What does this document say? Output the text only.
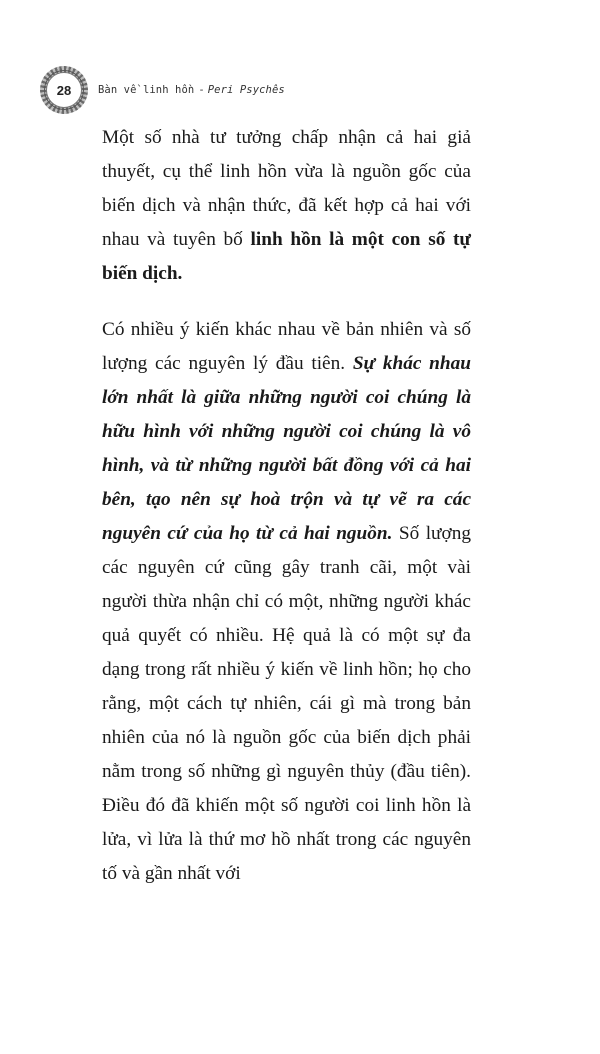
28	Bàn về linh hồn - Peri Psychês

Một số nhà tư tưởng chấp nhận cả hai giả thuyết, cụ thể linh hồn vừa là nguồn gốc của biến dịch và nhận thức, đã kết hợp cả hai với nhau và tuyên bố linh hồn là một con số tự biến dịch.

Có nhiều ý kiến khác nhau về bản nhiên và số lượng các nguyên lý đầu tiên. Sự khác nhau lớn nhất là giữa những người coi chúng là hữu hình với những người coi chúng là vô hình, và từ những người bất đồng với cả hai bên, tạo nên sự hoà trộn và tự vẽ ra các nguyên cứ của họ từ cả hai nguồn. Số lượng các nguyên cứ cũng gây tranh cãi, một vài người thừa nhận chỉ có một, những người khác quả quyết có nhiều. Hệ quả là có một sự đa dạng trong rất nhiều ý kiến về linh hồn; họ cho rằng, một cách tự nhiên, cái gì mà trong bản nhiên của nó là nguồn gốc của biến dịch phải nằm trong số những gì nguyên thủy (đầu tiên). Điều đó đã khiến một số người coi linh hồn là lửa, vì lửa là thứ mơ hồ nhất trong các nguyên tố và gần nhất với
